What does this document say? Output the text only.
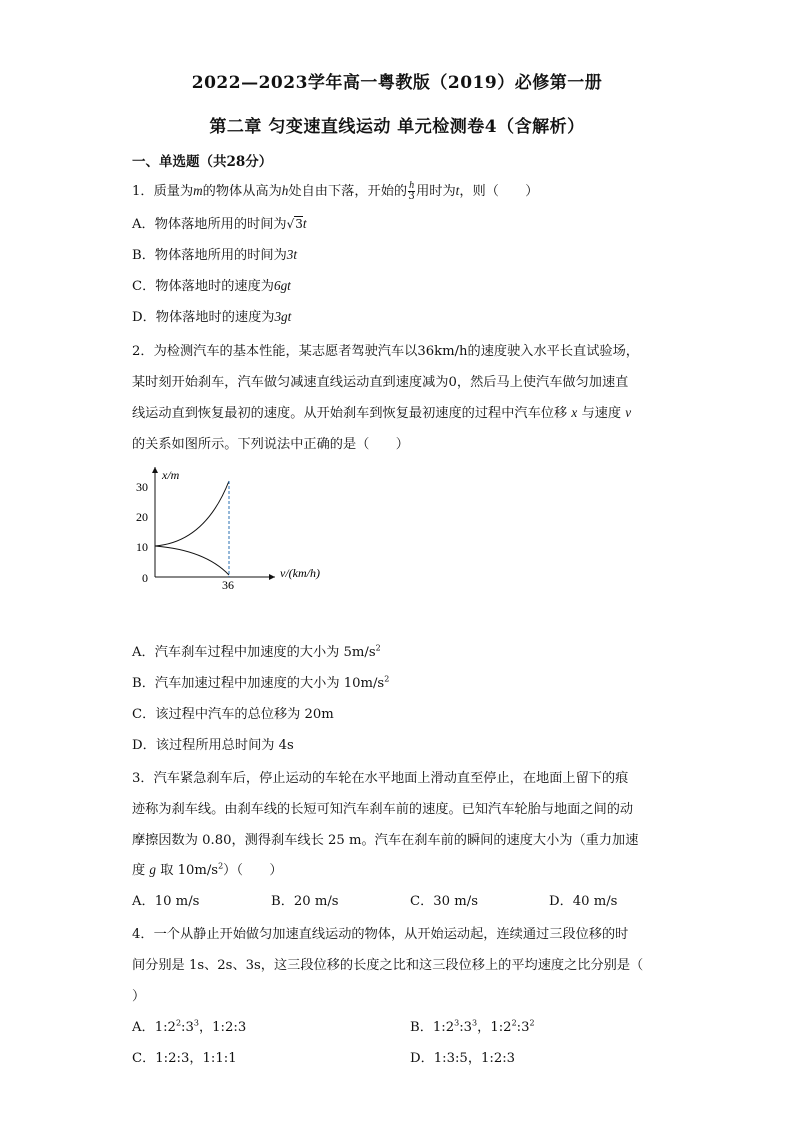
2022—2023学年高一粤教版（2019）必修第一册
第二章 匀变速直线运动 单元检测卷4（含解析）
一、单选题（共28分）
1．质量为m的物体从高为h处自由下落，开始的 $\frac{h}{3}$ 用时为t，则（　　）
A．物体落地所用的时间为√3t
B．物体落地所用的时间为3t
C．物体落地时的速度为6gt
D．物体落地时的速度为3gt
2．为检测汽车的基本性能，某志愿者驾驶汽车以36km/h的速度驶入水平长直试验场，
某时刻开始刹车，汽车做匀减速直线运动直到速度减为0，然后马上使汽车做匀加速直
线运动直到恢复最初的速度。从开始刹车到恢复最初速度的过程中汽车位移 x 与速度 v
的关系如图所示。下列说法中正确的是（　　）
x/m
30
20
10
0	36
v/(km/h)
A．汽车刹车过程中加速度的大小为 $5m/s^2$
B．汽车加速过程中加速度的大小为 $10m/s^2$
C．该过程中汽车的总位移为 20m
D．该过程所用总时间为 4s
3．汽车紧急刹车后，停止运动的车轮在水平地面上滑动直至停止，在地面上留下的痕
迹称为刹车线。由刹车线的长短可知汽车刹车前的速度。已知汽车轮胎与地面之间的动
摩擦因数为 0.80，测得刹车线长 25 m。汽车在刹车前的瞬间的速度大小为（重力加速
度 g 取 $10m/s^2$）（　　）
A．10 m/s	B．20 m/s	C．30 m/s	D．40 m/s
4．一个从静止开始做匀加速直线运动的物体，从开始运动起，连续通过三段位移的时
间分别是 1s、2s、3s，这三段位移的长度之比和这三段位移上的平均速度之比分别是（
）
A．$1:2^2:3^3$，1:2:3	B．$1:2^3:3^3$，$1:2^2:3^2$
C．1:2:3，1:1:1	D．1:3:5，1:2:3
